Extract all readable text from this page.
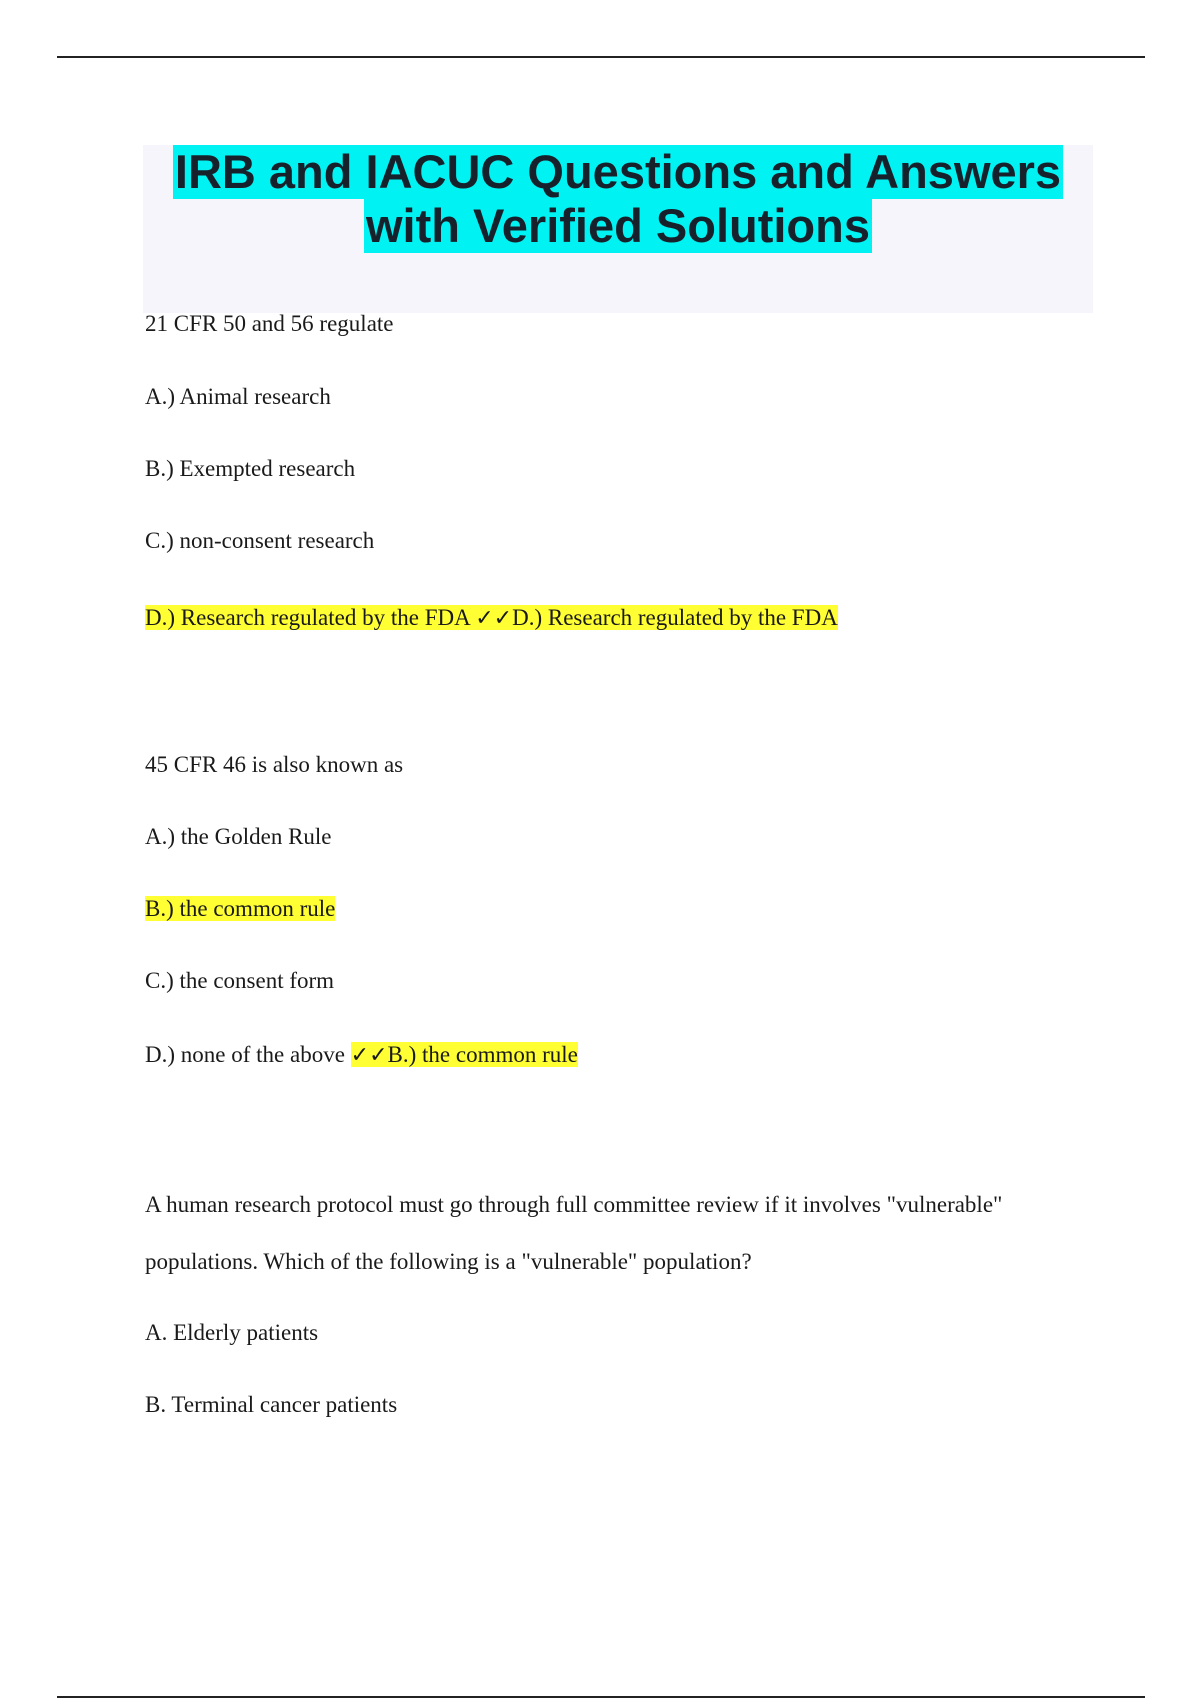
IRB and IACUC Questions and Answers
with Verified Solutions
21 CFR 50 and 56 regulate
A.) Animal research
B.) Exempted research
C.) non-consent research
D.) Research regulated by the FDA ✓✓D.) Research regulated by the FDA
45 CFR 46 is also known as
A.) the Golden Rule
B.) the common rule
C.) the consent form
D.) none of the above ✓✓B.) the common rule
A human research protocol must go through full committee review if it involves "vulnerable"
populations. Which of the following is a "vulnerable" population?
A. Elderly patients
B. Terminal cancer patients
